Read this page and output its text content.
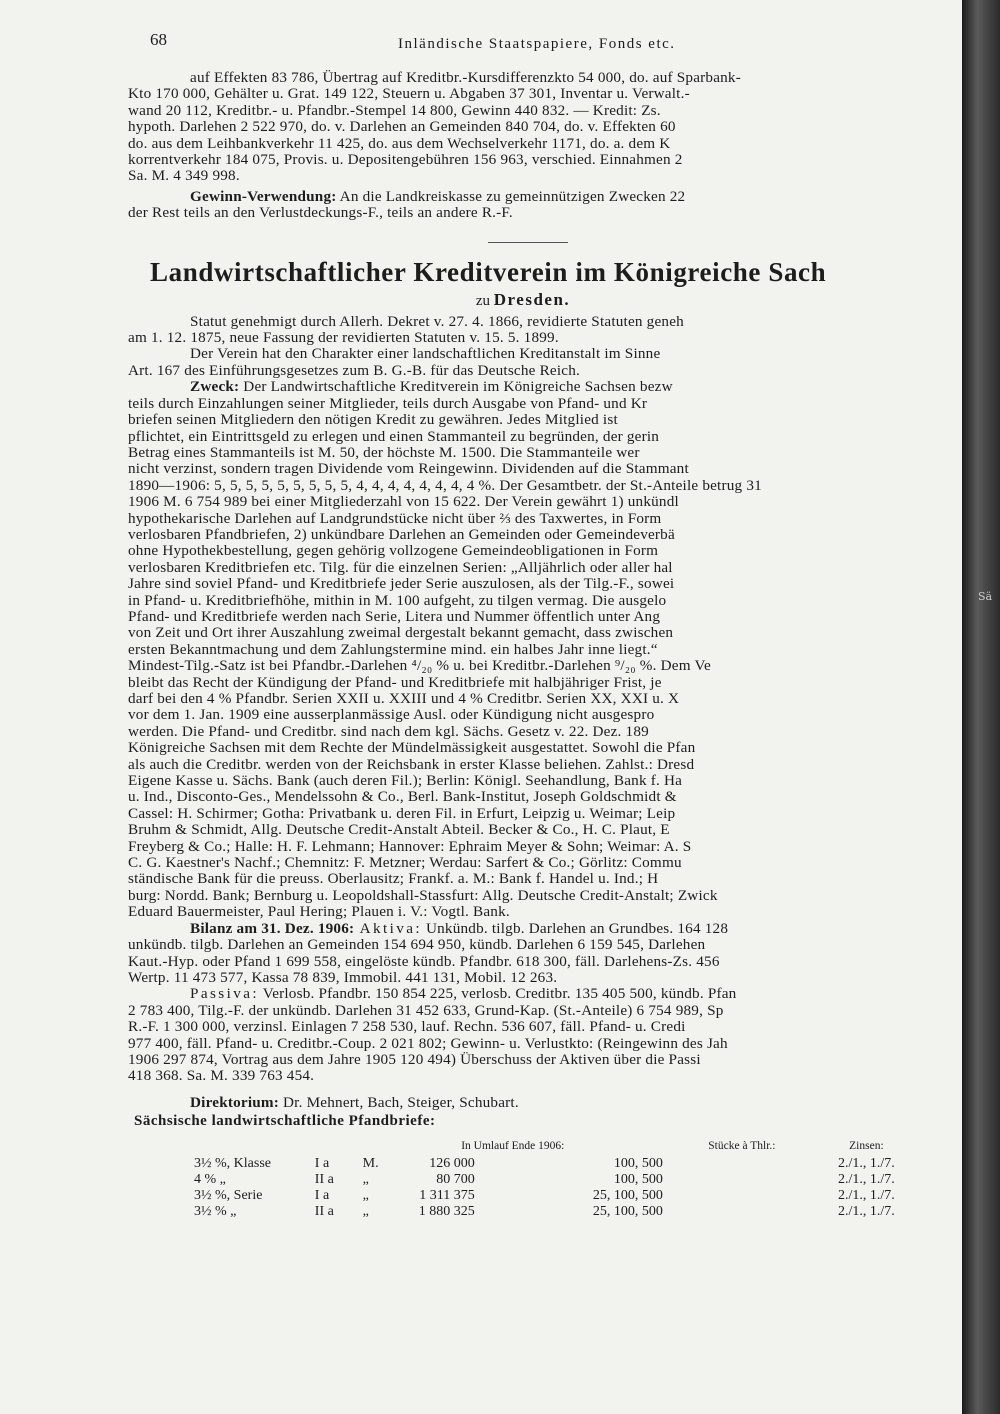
68	Inländische Staatspapiere, Fonds etc.

auf Effekten 83 786, Übertrag auf Kreditbr.-Kursdifferenzkto 54 000, do. auf Sparbank-

Kto 170 000, Gehälter u. Grat. 149 122, Steuern u. Abgaben 37 301, Inventar u. Verwalt.-

wand 20 112, Kreditbr.- u. Pfandbr.-Stempel 14 800, Gewinn 440 832. — Kredit: Zs.

hypoth. Darlehen 2 522 970, do. v. Darlehen an Gemeinden 840 704, do. v. Effekten 60

do. aus dem Leihbankverkehr 11 425, do. aus dem Wechselverkehr 1171, do. a. dem K

korrentverkehr 184 075, Provis. u. Depositengebühren 156 963, verschied. Einnahmen 2

Sa. M. 4 349 998.

Gewinn-Verwendung: An die Landkreiskasse zu gemeinnützigen Zwecken 22

der Rest teils an den Verlustdeckungs-F., teils an andere R.-F.

Landwirtschaftlicher Kreditverein im Königreiche Sach
zu Dresden.

Statut genehmigt durch Allerh. Dekret v. 27. 4. 1866, revidierte Statuten geneh

am 1. 12. 1875, neue Fassung der revidierten Statuten v. 15. 5. 1899.

Der Verein hat den Charakter einer landschaftlichen Kreditanstalt im Sinne

Art. 167 des Einführungsgesetzes zum B. G.-B. für das Deutsche Reich.

Zweck: Der Landwirtschaftliche Kreditverein im Königreiche Sachsen bezw

teils durch Einzahlungen seiner Mitglieder, teils durch Ausgabe von Pfand- und Kr

briefen seinen Mitgliedern den nötigen Kredit zu gewähren. Jedes Mitglied ist

pflichtet, ein Eintrittsgeld zu erlegen und einen Stammanteil zu begründen, der gerin

Betrag eines Stammanteils ist M. 50, der höchste M. 1500. Die Stammanteile wer

nicht verzinst, sondern tragen Dividende vom Reingewinn. Dividenden auf die Stammant

1890—1906: 5, 5, 5, 5, 5, 5, 5, 5, 5, 4, 4, 4, 4, 4, 4, 4, 4 %. Der Gesamtbetr. der St.-Anteile betrug 31

1906 M. 6 754 989 bei einer Mitgliederzahl von 15 622. Der Verein gewährt 1) unkündl

hypothekarische Darlehen auf Landgrundstücke nicht über ⅔ des Taxwertes, in Form

verlosbaren Pfandbriefen, 2) unkündbare Darlehen an Gemeinden oder Gemeindeverbä

ohne Hypothekbestellung, gegen gehörig vollzogene Gemeindeobligationen in Form

verlosbaren Kreditbriefen etc. Tilg. für die einzelnen Serien: „Alljährlich oder aller hal

Jahre sind soviel Pfand- und Kreditbriefe jeder Serie auszulosen, als der Tilg.-F., sowei

in Pfand- u. Kreditbriefhöhe, mithin in M. 100 aufgeht, zu tilgen vermag. Die ausgelo

Pfand- und Kreditbriefe werden nach Serie, Litera und Nummer öffentlich unter Ang

von Zeit und Ort ihrer Auszahlung zweimal dergestalt bekannt gemacht, dass zwischen

ersten Bekanntmachung und dem Zahlungstermine mind. ein halbes Jahr inne liegt.“

Mindest-Tilg.-Satz ist bei Pfandbr.-Darlehen ⁴/₂₀ % u. bei Kreditbr.-Darlehen ⁹/₂₀ %. Dem Ve

bleibt das Recht der Kündigung der Pfand- und Kreditbriefe mit halbjähriger Frist, je

darf bei den 4 % Pfandbr. Serien XXII u. XXIII und 4 % Creditbr. Serien XX, XXI u. X

vor dem 1. Jan. 1909 eine ausserplanmässige Ausl. oder Kündigung nicht ausgespro

werden. Die Pfand- und Creditbr. sind nach dem kgl. Sächs. Gesetz v. 22. Dez. 189

Königreiche Sachsen mit dem Rechte der Mündelmässigkeit ausgestattet. Sowohl die Pfan

als auch die Creditbr. werden von der Reichsbank in erster Klasse beliehen. Zahlst.: Dresd

Eigene Kasse u. Sächs. Bank (auch deren Fil.); Berlin: Königl. Seehandlung, Bank f. Ha

u. Ind., Disconto-Ges., Mendelssohn & Co., Berl. Bank-Institut, Joseph Goldschmidt &

Cassel: H. Schirmer; Gotha: Privatbank u. deren Fil. in Erfurt, Leipzig u. Weimar; Leip

Bruhm & Schmidt, Allg. Deutsche Credit-Anstalt Abteil. Becker & Co., H. C. Plaut, E

Freyberg & Co.; Halle: H. F. Lehmann; Hannover: Ephraim Meyer & Sohn; Weimar: A. S

C. G. Kaestner's Nachf.; Chemnitz: F. Metzner; Werdau: Sarfert & Co.; Görlitz: Commu

ständische Bank für die preuss. Oberlausitz; Frankf. a. M.: Bank f. Handel u. Ind.; H

burg: Nordd. Bank; Bernburg u. Leopoldshall-Stassfurt: Allg. Deutsche Credit-Anstalt; Zwick

Eduard Bauermeister, Paul Hering; Plauen i. V.: Vogtl. Bank.

Bilanz am 31. Dez. 1906: Aktiva: Unkündb. tilgb. Darlehen an Grundbes. 164 128

unkündb. tilgb. Darlehen an Gemeinden 154 694 950, kündb. Darlehen 6 159 545, Darlehen

Kaut.-Hyp. oder Pfand 1 699 558, eingelöste kündb. Pfandbr. 618 300, fäll. Darlehens-Zs. 456

Wertp. 11 473 577, Kassa 78 839, Immobil. 441 131, Mobil. 12 263.

Passiva: Verlosb. Pfandbr. 150 854 225, verlosb. Creditbr. 135 405 500, kündb. Pfan

2 783 400, Tilg.-F. der unkündb. Darlehen 31 452 633, Grund-Kap. (St.-Anteile) 6 754 989, Sp

R.-F. 1 300 000, verzinsl. Einlagen 7 258 530, lauf. Rechn. 536 607, fäll. Pfand- u. Credi

977 400, fäll. Pfand- u. Creditbr.-Coup. 2 021 802; Gewinn- u. Verlustkto: (Reingewinn des Jah

1906 297 874, Vortrag aus dem Jahre 1905 120 494) Überschuss der Aktiven über die Passi

418 368. Sa. M. 339 763 454.

Direktorium: Dr. Mehnert, Bach, Steiger, Schubart.

Sächsische landwirtschaftliche Pfandbriefe:
		In Umlauf Ende 1906:			Stücke à Thlr.:	Zinsen:
3½ %, Klasse	I a	M.	126 000	100, 500		2./1., 1./7.
4 % „	II a	„	80 700	100, 500		2./1., 1./7.
3½ %, Serie	I a	„	1 311 375	25, 100, 500		2./1., 1./7.
3½ % „	II a	„	1 880 325	25, 100, 500		2./1., 1./7.
Sä
